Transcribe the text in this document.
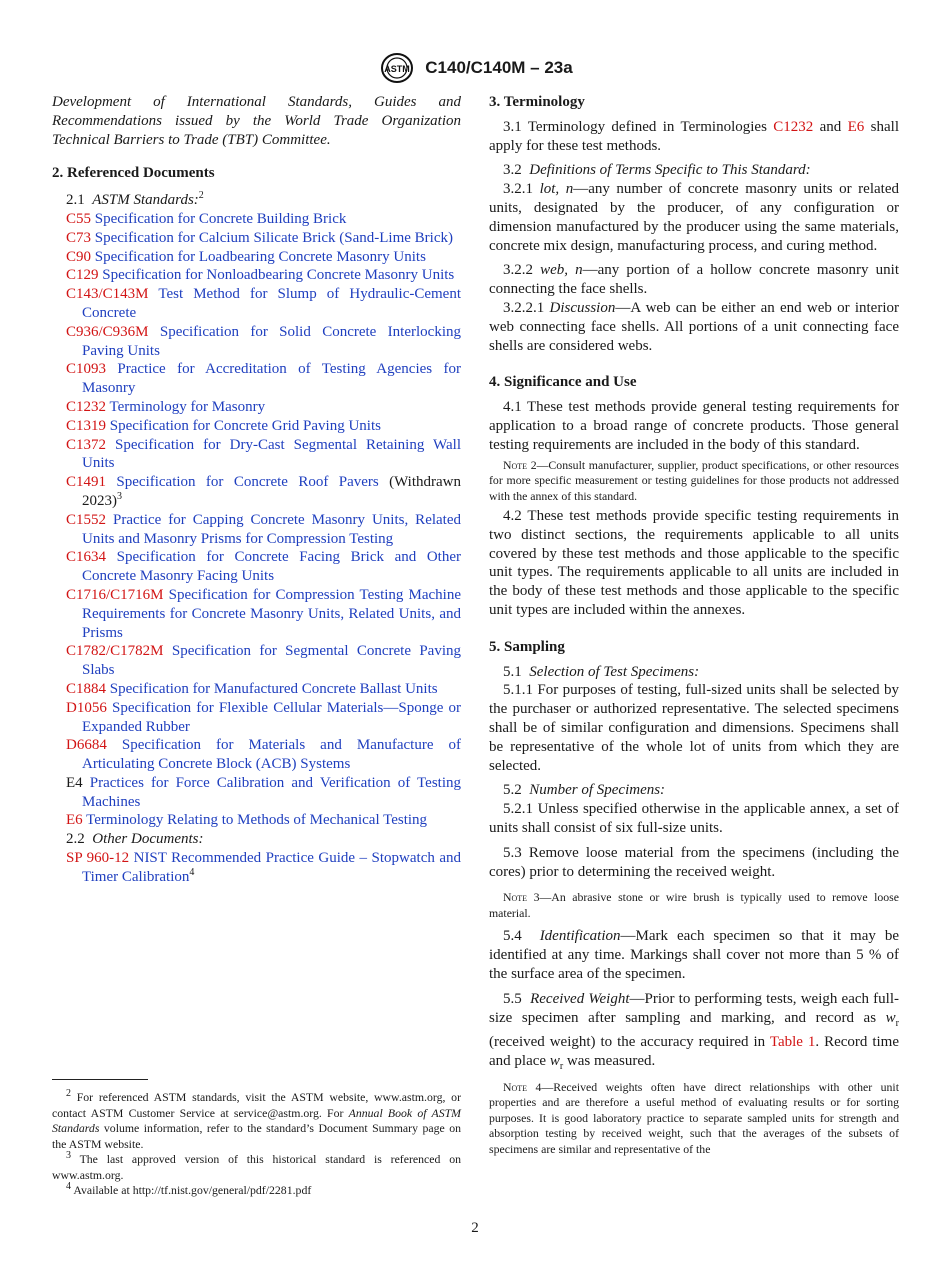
ASTM C140/C140M – 23a

Development of International Standards, Guides and Recommendations issued by the World Trade Organization Technical Barriers to Trade (TBT) Committee.

2. Referenced Documents

2.1 ASTM Standards:$^2$

C55 Specification for Concrete Building Brick

C73 Specification for Calcium Silicate Brick (Sand-Lime Brick)

C90 Specification for Loadbearing Concrete Masonry Units

C129 Specification for Nonloadbearing Concrete Masonry Units

C143/C143M Test Method for Slump of Hydraulic-Cement Concrete

C936/C936M Specification for Solid Concrete Interlocking Paving Units

C1093 Practice for Accreditation of Testing Agencies for Masonry

C1232 Terminology for Masonry

C1319 Specification for Concrete Grid Paving Units

C1372 Specification for Dry-Cast Segmental Retaining Wall Units

C1491 Specification for Concrete Roof Pavers (Withdrawn 2023)$^3$

C1552 Practice for Capping Concrete Masonry Units, Related Units and Masonry Prisms for Compression Testing

C1634 Specification for Concrete Facing Brick and Other Concrete Masonry Facing Units

C1716/C1716M Specification for Compression Testing Machine Requirements for Concrete Masonry Units, Related Units, and Prisms

C1782/C1782M Specification for Segmental Concrete Paving Slabs

C1884 Specification for Manufactured Concrete Ballast Units

D1056 Specification for Flexible Cellular Materials—Sponge or Expanded Rubber

D6684 Specification for Materials and Manufacture of Articulating Concrete Block (ACB) Systems

E4 Practices for Force Calibration and Verification of Testing Machines

E6 Terminology Relating to Methods of Mechanical Testing

2.2 Other Documents:

SP 960-12 NIST Recommended Practice Guide – Stopwatch and Timer Calibration$^4$

$^2$ For referenced ASTM standards, visit the ASTM website, www.astm.org, or contact ASTM Customer Service at service@astm.org. For Annual Book of ASTM Standards volume information, refer to the standard’s Document Summary page on the ASTM website.

$^3$ The last approved version of this historical standard is referenced on www.astm.org.

$^4$ Available at http://tf.nist.gov/general/pdf/2281.pdf

3. Terminology

3.1 Terminology defined in Terminologies C1232 and E6 shall apply for these test methods.

3.2 Definitions of Terms Specific to This Standard:

3.2.1 lot, n—any number of concrete masonry units or related units, designated by the producer, of any configuration or dimension manufactured by the producer using the same materials, concrete mix design, manufacturing process, and curing method.

3.2.2 web, n—any portion of a hollow concrete masonry unit connecting the face shells.

3.2.2.1 Discussion—A web can be either an end web or interior web connecting face shells. All portions of a unit connecting face shells are considered webs.

4. Significance and Use

4.1 These test methods provide general testing requirements for application to a broad range of concrete products. Those general testing requirements are included in the body of this standard.

Note 2—Consult manufacturer, supplier, product specifications, or other resources for more specific measurement or testing guidelines for those products not addressed with the annex of this standard.

4.2 These test methods provide specific testing requirements in two distinct sections, the requirements applicable to all units covered by these test methods and those applicable to the specific unit types. The requirements applicable to all units are included in the body of these test methods and those applicable to the specific unit types are included within the annexes.

5. Sampling

5.1 Selection of Test Specimens:

5.1.1 For purposes of testing, full-sized units shall be selected by the purchaser or authorized representative. The selected specimens shall be of similar configuration and dimensions. Specimens shall be representative of the whole lot of units from which they are selected.

5.2 Number of Specimens:

5.2.1 Unless specified otherwise in the applicable annex, a set of units shall consist of six full-size units.

5.3 Remove loose material from the specimens (including the cores) prior to determining the received weight.

Note 3—An abrasive stone or wire brush is typically used to remove loose material.

5.4 Identification—Mark each specimen so that it may be identified at any time. Markings shall cover not more than 5 % of the surface area of the specimen.

5.5 Received Weight—Prior to performing tests, weigh each full-size specimen after sampling and marking, and record as $w_r$ (received weight) to the accuracy required in Table 1. Record time and place $w_r$ was measured.

Note 4—Received weights often have direct relationships with other unit properties and are therefore a useful method of evaluating results or for sorting purposes. It is good laboratory practice to separate sampled units for strength and absorption testing by received weight, such that the averages of the subsets of specimens are similar and representative of the

2
